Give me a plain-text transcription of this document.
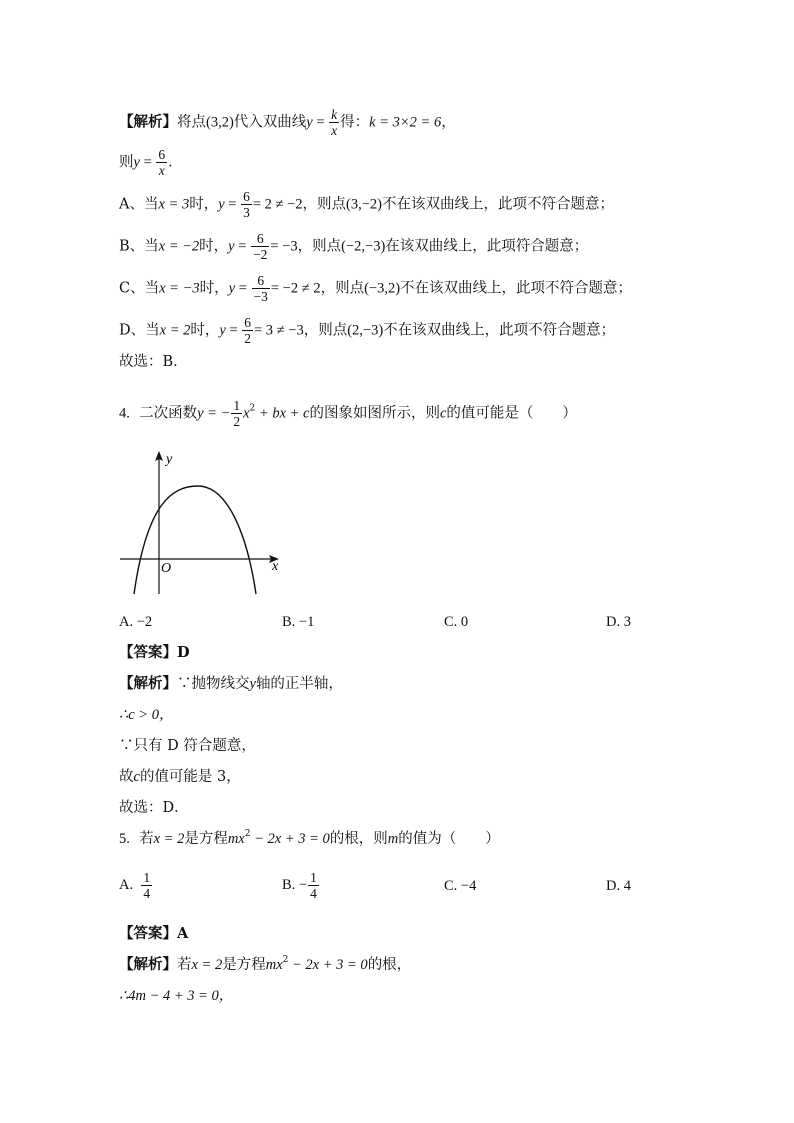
【解析】将点(3,2)代入双曲线$y = \frac{k}{x}$ 得：k = 3×2 = 6，
则$y = \frac{6}{x}$ ．
A、当x = 3时，$y = \frac{6}{3} = 2 \ne -2$，则点(3,−2)不在该双曲线上，此项不符合题意；
B、当x = −2时，$y = \frac{6}{-2} = -3$，则点(−2,−3)在该双曲线上，此项符合题意；
C、当x = −3时，$y = \frac{6}{-3} = -2 \ne 2$，则点(−3,2)不在该双曲线上，此项不符合题意；
D、当x = 2时，$y = \frac{6}{2} = 3 \ne -3$，则点(2,−3)不在该双曲线上，此项不符合题意；
故选：B．
4. 二次函数y = − $\frac{1}{2} x^2$ + bx + c的图象如图所示，则c的值可能是（　　）
y
x
O
A. −2	B. −1	C. 0	D. 3
【答案】D
【解析】∵抛物线交y轴的正半轴，
∴c > 0，
∵只有 D 符合题意，
故c的值可能是 3，
故选：D．
5. 若x = 2是方程$mx^2 - 2x + 3 = 0$的根，则m的值为（　　）
A. $\frac{1}{4}$	B. − $\frac{1}{4}$	C. −4	D. 4
【答案】A
【解析】若x = 2是方程$mx^2 - 2x + 3 = 0$的根，
∴4m − 4 + 3 = 0，
